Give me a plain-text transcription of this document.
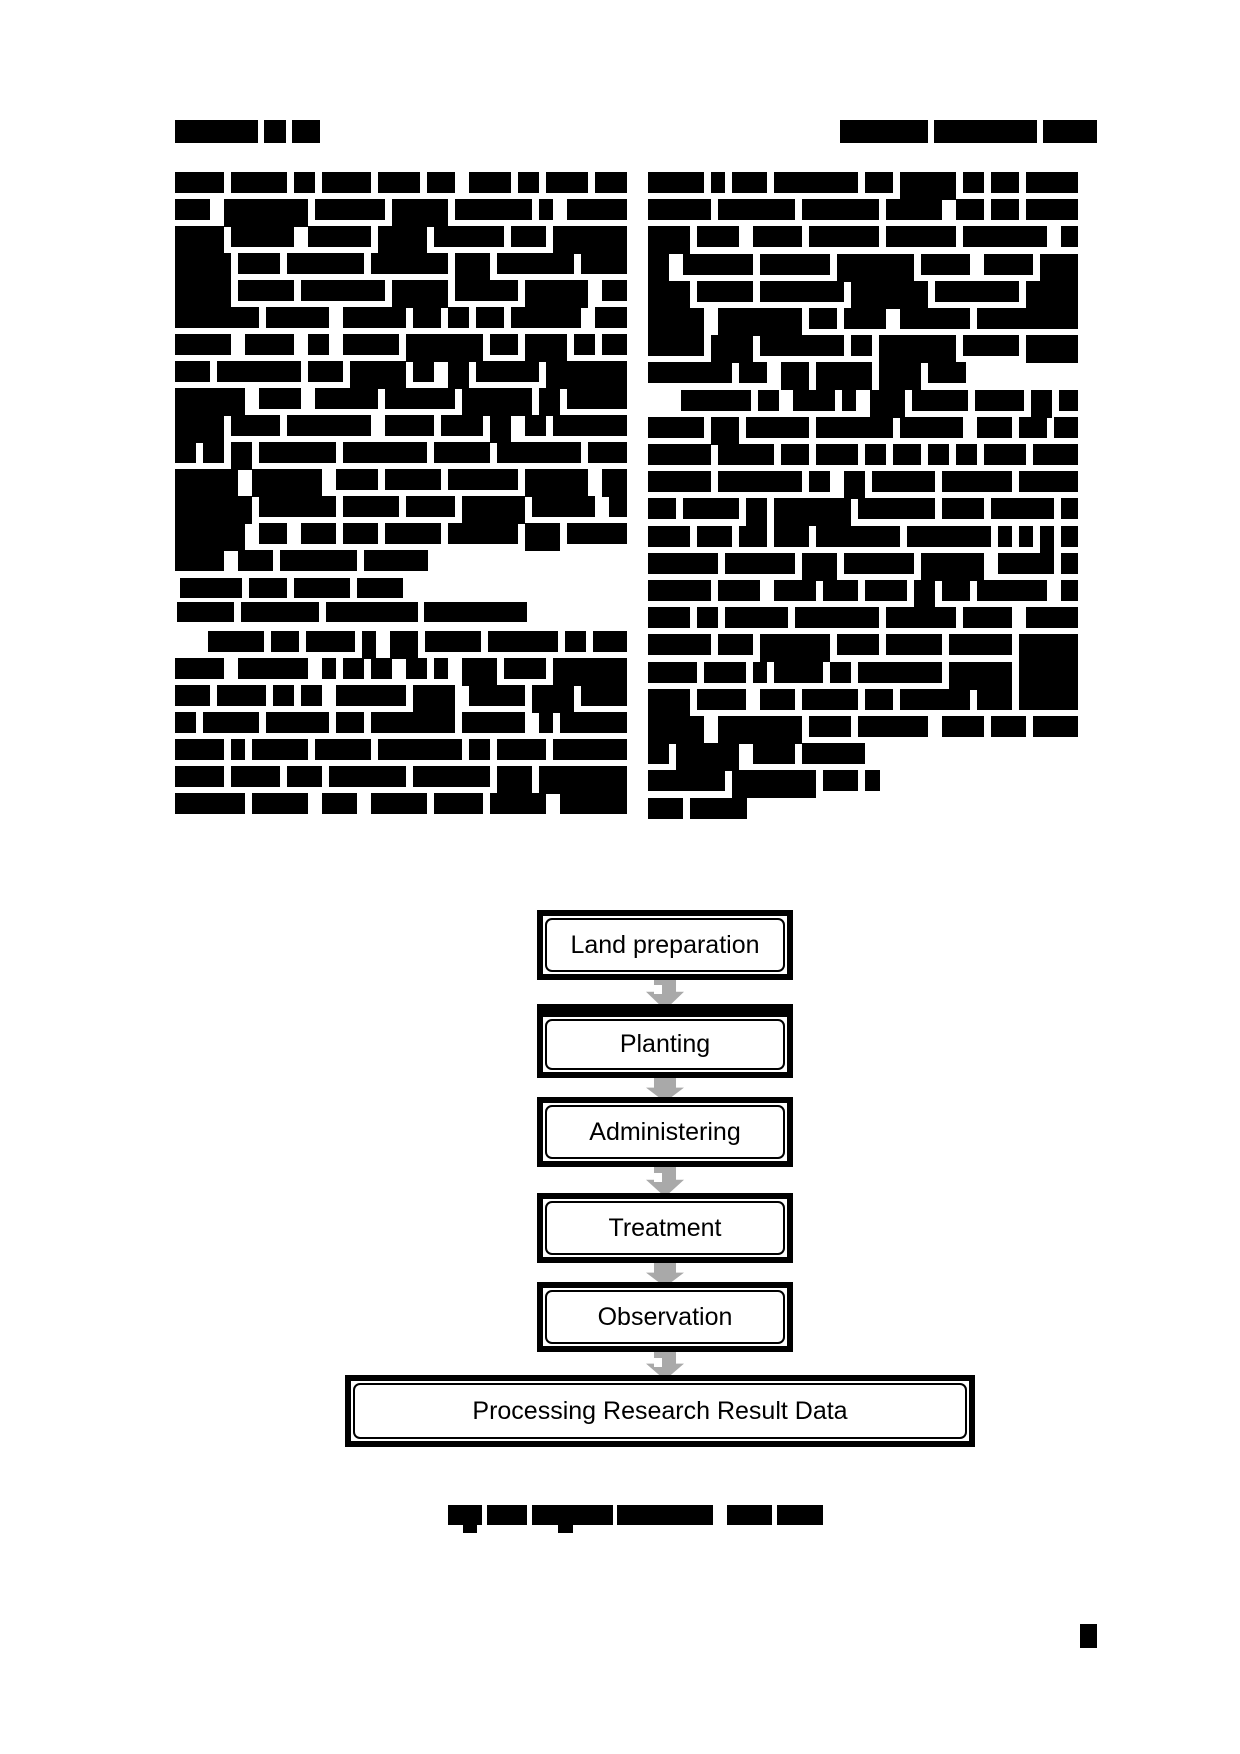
Land preparation
Planting
Administering
Treatment
Observation
Processing Research Result Data
